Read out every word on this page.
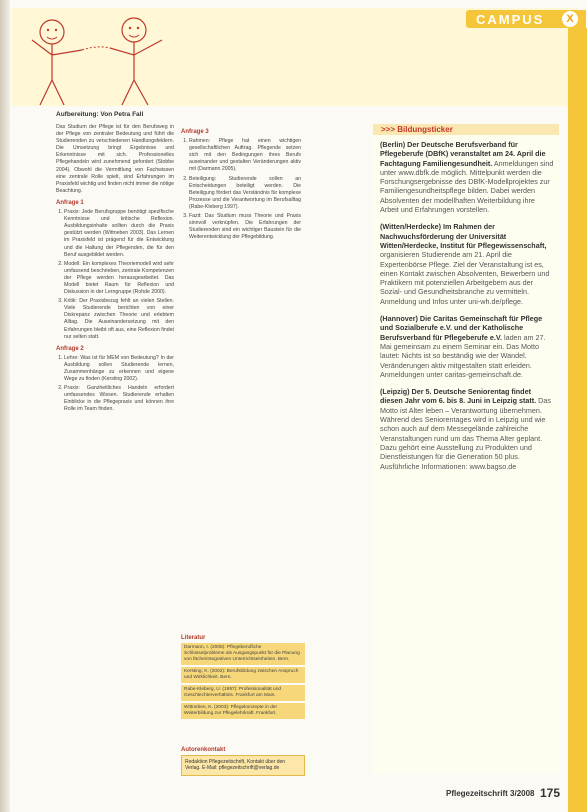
CAMPUS	X
Aufbereitung: Von Petra Fall

Das Studium der Pflege ist für den Berufsweg in der Pflege von zentraler Bedeutung und führt die Studierenden zu verschiedenen Handlungsfeldern. Die Umsetzung bringt Ergebnisse und Erkenntnisse mit sich. Professionelles Pflegehandeln wird zunehmend gefordert (Stobbe 2004). Obwohl die Vermittlung von Fachwissen eine zentrale Rolle spielt, sind Erfahrungen im Praxisfeld wichtig und finden nicht immer die nötige Beachtung.

Anfrage 1
1. Praxis: Jede Berufsgruppe benötigt spezifische Kenntnisse und kritische Reflexion. Ausbildungsinhalte sollten durch die Praxis gestützt werden (Wittneben 2003). Das Lernen im Praxisfeld ist prägend für die Entwicklung und die Haltung der Pflegenden, die für den Beruf ausgebildet werden.
2. Modell: Ein komplexes Theoriemodell wird sehr umfassend beschrieben, zentrale Kompetenzen der Pflege werden herausgearbeitet. Das Modell bietet Raum für Reflexion und Diskussion in der Lerngruppe (Rohde 2000).
3. Kritik: Der Praxisbezug fehlt an vielen Stellen. Viele Studierende berichten von einer Diskrepanz zwischen Theorie und erlebtem Alltag. Die Auseinandersetzung mit den Erfahrungen bleibt oft aus, eine Reflexion findet nur selten statt.
Anfrage 2
1. Lehre: Was ist für MEM von Bedeutung? In der Ausbildung sollen Studierende lernen, Zusammenhänge zu erkennen und eigene Wege zu finden (Kersting 2002).
2. Praxis: Ganzheitliches Handeln erfordert umfassendes Wissen. Studierende erhalten Einblicke in die Pflegepraxis und können ihre Rolle im Team finden.
Anfrage 3
1. Rahmen: Pflege hat einen wichtigen gesellschaftlichen Auftrag. Pflegende setzen sich mit den Bedingungen ihres Berufs auseinander und gestalten Veränderungen aktiv mit (Darmann 2005).
2. Beteiligung: Studierende sollen an Entscheidungen beteiligt werden. Die Beteiligung fördert das Verständnis für komplexe Prozesse und die Verantwortung im Berufsalltag (Rabe-Kleberg 1997).
3. Fazit: Das Studium muss Theorie und Praxis sinnvoll verknüpfen. Die Erfahrungen der Studierenden sind ein wichtiger Baustein für die Weiterentwicklung der Pflegebildung.
Literatur
Darmann, I. (2005): Pflegeberufliche Schlüsselprobleme als Ausgangspunkt für die Planung von fächerintegrativen Unterrichtseinheiten. Bern.
Kersting, K. (2002): Berufsbildung zwischen Anspruch und Wirklichkeit. Bern.
Rabe-Kleberg, U. (1997): Professionalität und Geschlechterverhältnis. Frankfurt am Main.
Wittneben, K. (2003): Pflegekonzepte in der Weiterbildung zur Pflegelehrkraft. Frankfurt.
Autorenkontakt
Redaktion Pflegezeitschrift, Kontakt über den Verlag. E-Mail: pflegezeitschrift@verlag.de
>>> Bildungsticker

(Berlin) Der Deutsche Berufsverband für Pflegeberufe (DBfK) veranstaltet am 24. April die Fachtagung Familiengesundheit. Anmeldungen sind unter www.dbfk.de möglich. Mittelpunkt werden die Forschungsergebnisse des DBfK-Modellprojektes zur Familiengesundheitspflege bilden. Dabei werden Absolventen der modellhaften Weiterbildung ihre Arbeit und Erfahrungen vorstellen.

(Witten/Herdecke) Im Rahmen der Nachwuchsförderung der Universität Witten/Herdecke, Institut für Pflegewissenschaft, organisieren Studierende am 21. April die Expertenbörse Pflege. Ziel der Veranstaltung ist es, einen Kontakt zwischen Absolventen, Bewerbern und Praktikern mit potenziellen Arbeitgebern aus der Sozial- und Gesundheitsbranche zu vermitteln. Anmeldung und Infos unter uni-wh.de/pflege.

(Hannover) Die Caritas Gemeinschaft für Pflege und Sozialberufe e.V. und der Katholische Berufsverband für Pflegeberufe e.V. laden am 27. Mai gemeinsam zu einem Seminar ein. Das Motto lautet: Nichts ist so beständig wie der Wandel. Veränderungen aktiv mitgestalten statt erleiden. Anmeldungen unter caritas-gemeinschaft.de.

(Leipzig) Der 5. Deutsche Seniorentag findet diesen Jahr vom 6. bis 8. Juni in Leipzig statt. Das Motto ist Alter leben – Verantwortung übernehmen. Während des Seniorentages wird in Leipzig und wie schon auch auf dem Messegelände zahlreiche Veranstaltungen rund um das Thema Alter geplant. Dazu gehört eine Ausstellung zu Produkten und Dienstleistungen für die Generation 50 plus. Ausführliche Informationen: www.bagso.de

Pflegezeitschrift 3/2008 175
